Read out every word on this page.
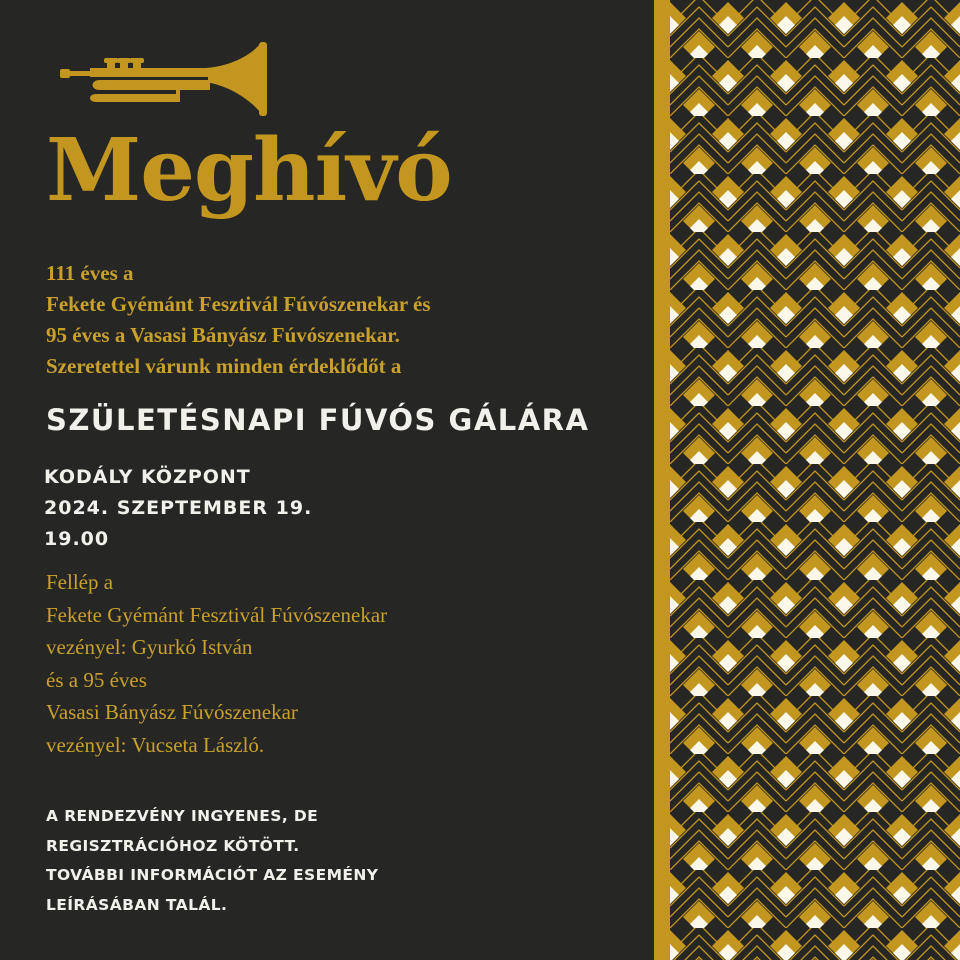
Meghívó
111 éves a
Fekete Gyémánt Fesztivál Fúvószenekar és
95 éves a Vasasi Bányász Fúvószenekar.
Szeretettel várunk minden érdeklődőt a
SZÜLETÉSNAPI FÚVÓS GÁLÁRA
KODÁLY KÖZPONT
2024. SZEPTEMBER 19.
19.00
Fellép a
Fekete Gyémánt Fesztivál Fúvószenekar
vezényel: Gyurkó István
és a 95 éves
Vasasi Bányász Fúvószenekar
vezényel: Vucseta László.
A RENDEZVÉNY INGYENES, DE
REGISZTRÁCIÓHOZ KÖTÖTT.
TOVÁBBI INFORMÁCIÓT AZ ESEMÉNY
LEÍRÁSÁBAN TALÁL.
